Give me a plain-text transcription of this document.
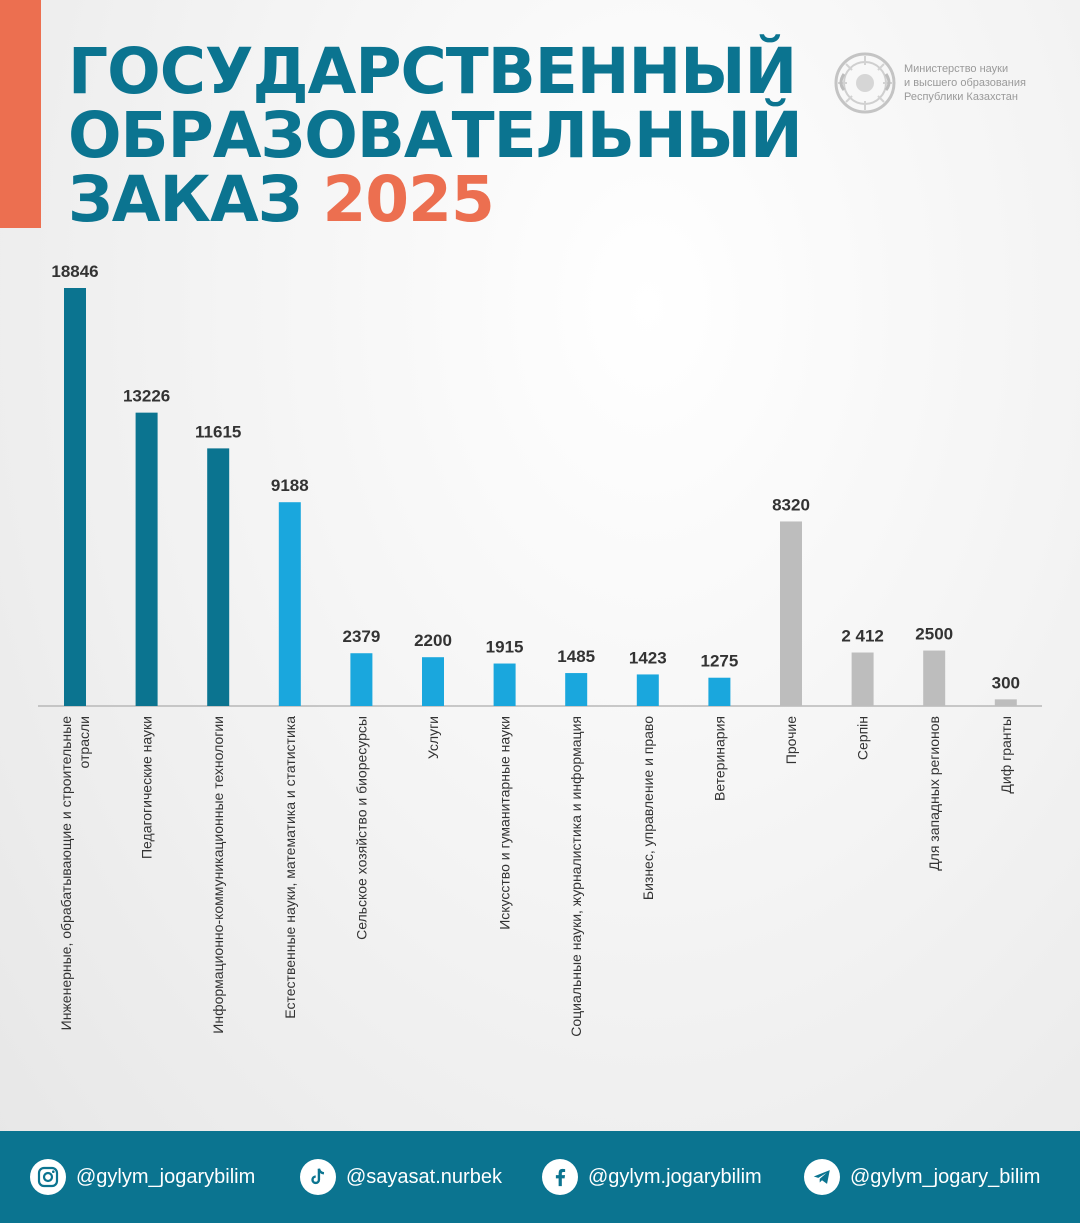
ГОСУДАРСТВЕННЫЙ
ОБРАЗОВАТЕЛЬНЫЙ
ЗАКАЗ 2025
Министерство науки
и высшего образования
Республики Казахстан
18846
Инженерные, обрабатывающие и строительные отрасли
13226
Педагогические науки
11615
Информационно-коммуникационные технологии
9188
Естественные науки, математика и статистика
2379
Сельское хозяйство и биоресурсы
2200
Услуги
1915
Искусство и гуманитарные науки
1485
Социальные науки, журналистика и информация
1423
Бизнес, управление и право
1275
Ветеринария
8320
Прочие
2 412
Серпін
2500
Для западных регионов
300
Диф гранты
@gylym_jogarybilim	@sayasat.nurbek	@gylym.jogarybilim	@gylym_jogary_bilim
